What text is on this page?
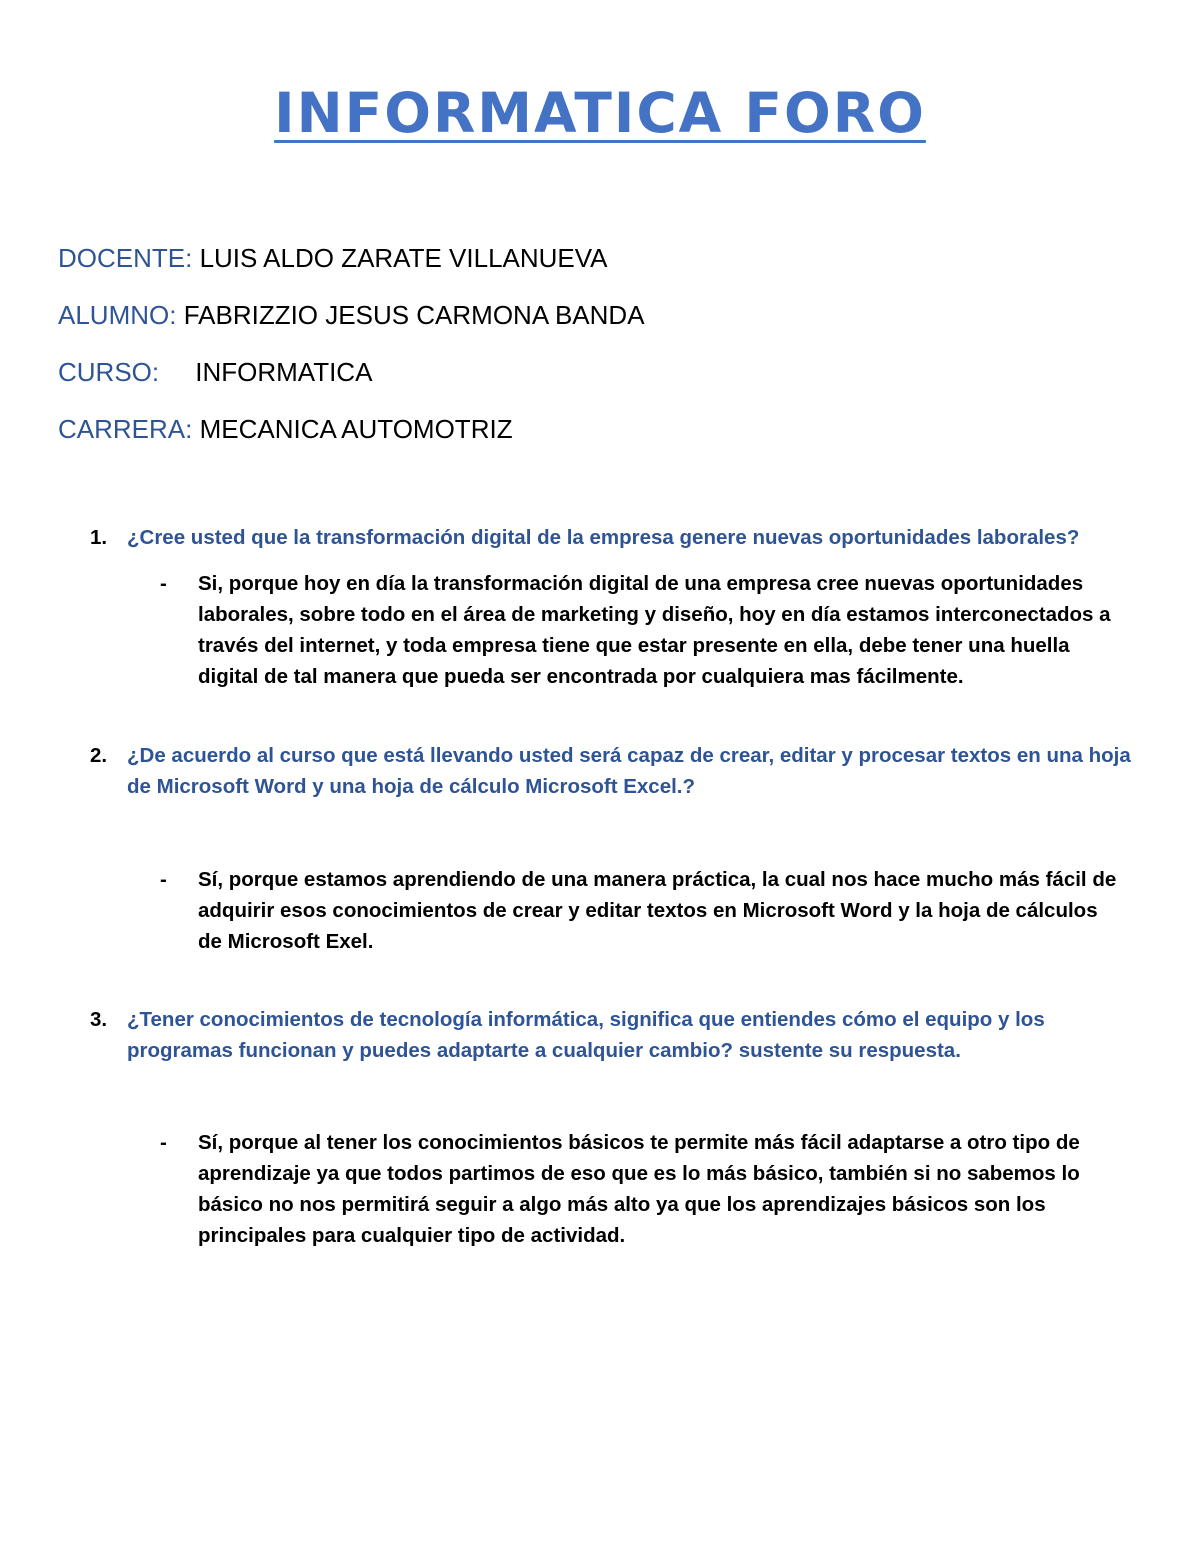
INFORMATICA FORO
DOCENTE: LUIS ALDO ZARATE VILLANUEVA
ALUMNO: FABRIZZIO JESUS CARMONA BANDA
CURSO:     INFORMATICA
CARRERA: MECANICA AUTOMOTRIZ
1. ¿Cree usted que la transformación digital de la empresa genere nuevas oportunidades laborales?
- Si, porque hoy en día la transformación digital de una empresa cree nuevas oportunidades laborales, sobre todo en el área de marketing y diseño, hoy en día estamos interconectados a través del internet, y toda empresa tiene que estar presente en ella, debe tener una huella digital de tal manera que pueda ser encontrada por cualquiera mas fácilmente.
2. ¿De acuerdo al curso que está llevando usted será capaz de crear, editar y procesar textos en una hoja de Microsoft Word y una hoja de cálculo Microsoft Excel.?
- Sí, porque estamos aprendiendo de una manera práctica, la cual nos hace mucho más fácil de adquirir esos conocimientos de crear y editar textos en Microsoft Word y la hoja de cálculos de Microsoft Exel.
3. ¿Tener conocimientos de tecnología informática, significa que entiendes cómo el equipo y los programas funcionan y puedes adaptarte a cualquier cambio? sustente su respuesta.
- Sí, porque al tener los conocimientos básicos te permite más fácil adaptarse a otro tipo de aprendizaje ya que todos partimos de eso que es lo más básico, también si no sabemos lo básico no nos permitirá seguir a algo más alto ya que los aprendizajes básicos son los principales para cualquier tipo de actividad.
